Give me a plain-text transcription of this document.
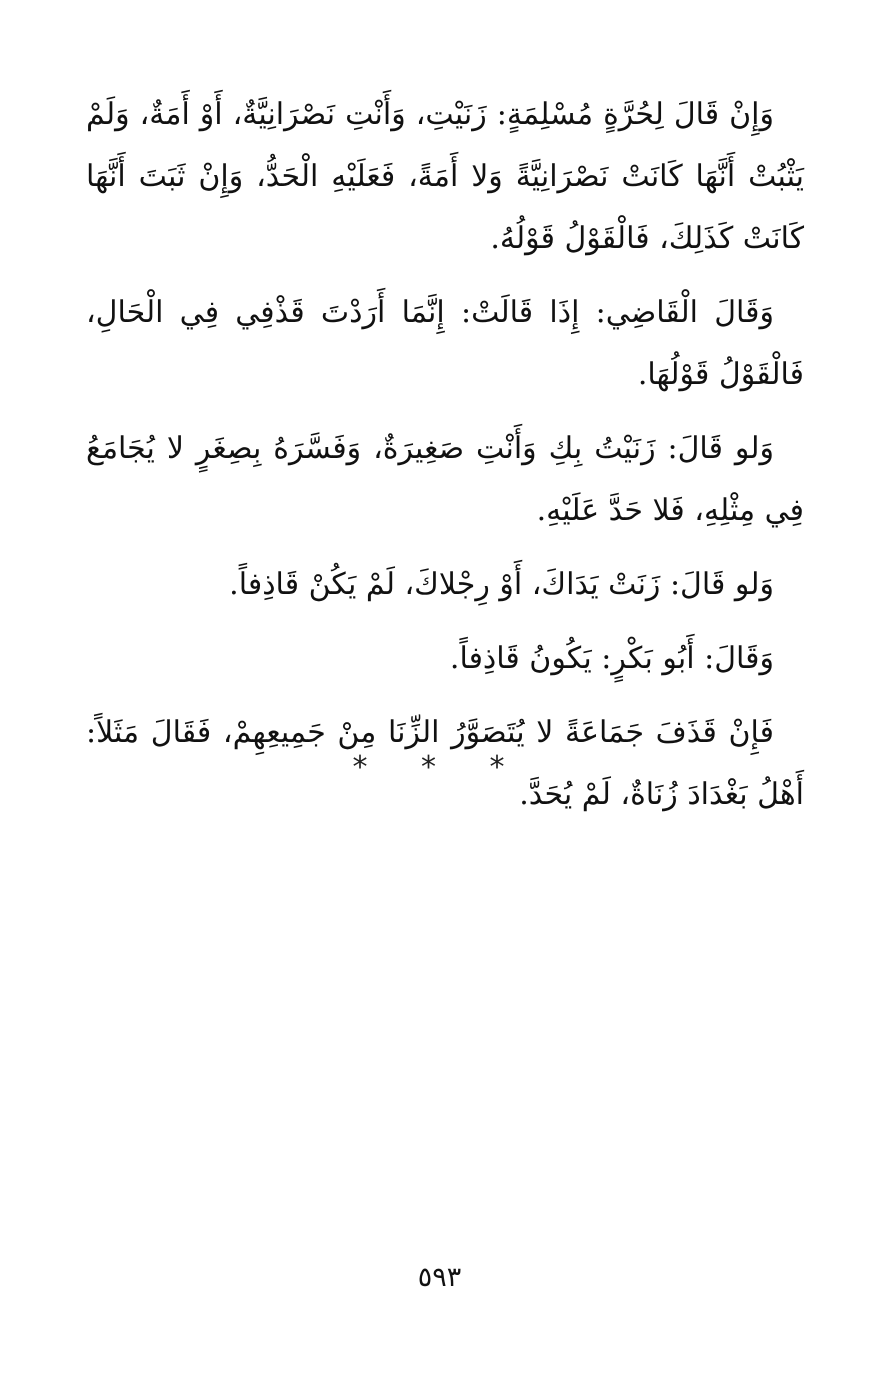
وَإِنْ قَالَ لِحُرَّةٍ مُسْلِمَةٍ: زَنَيْتِ، وَأَنْتِ نَصْرَانِيَّةٌ، أَوْ أَمَةٌ، وَلَمْ يَثْبُتْ أَنَّهَا كَانَتْ نَصْرَانِيَّةً وَلا أَمَةً، فَعَلَيْهِ الْحَدُّ، وَإِنْ ثَبَتَ أَنَّهَا كَانَتْ كَذَلِكَ، فَالْقَوْلُ قَوْلُهُ.

وَقَالَ الْقَاضِي: إِذَا قَالَتْ: إِنَّمَا أَرَدْتَ قَذْفِي فِي الْحَالِ، فَالْقَوْلُ قَوْلُهَا.

وَلو قَالَ: زَنَيْتُ بِكِ وَأَنْتِ صَغِيرَةٌ، وَفَسَّرَهُ بِصِغَرٍ لا يُجَامَعُ فِي مِثْلِهِ، فَلا حَدَّ عَلَيْهِ.

وَلو قَالَ: زَنَتْ يَدَاكَ، أَوْ رِجْلاكَ، لَمْ يَكُنْ قَاذِفاً.

وَقَالَ: أَبُو بَكْرٍ: يَكُونُ قَاذِفاً.

فَإِنْ قَذَفَ جَمَاعَةً لا يُتَصَوَّرُ الزِّنَا مِنْ جَمِيعِهِمْ، فَقَالَ مَثَلاً: أَهْلُ بَغْدَادَ زُنَاةٌ، لَمْ يُحَدَّ.

* * *
٥٩٣
